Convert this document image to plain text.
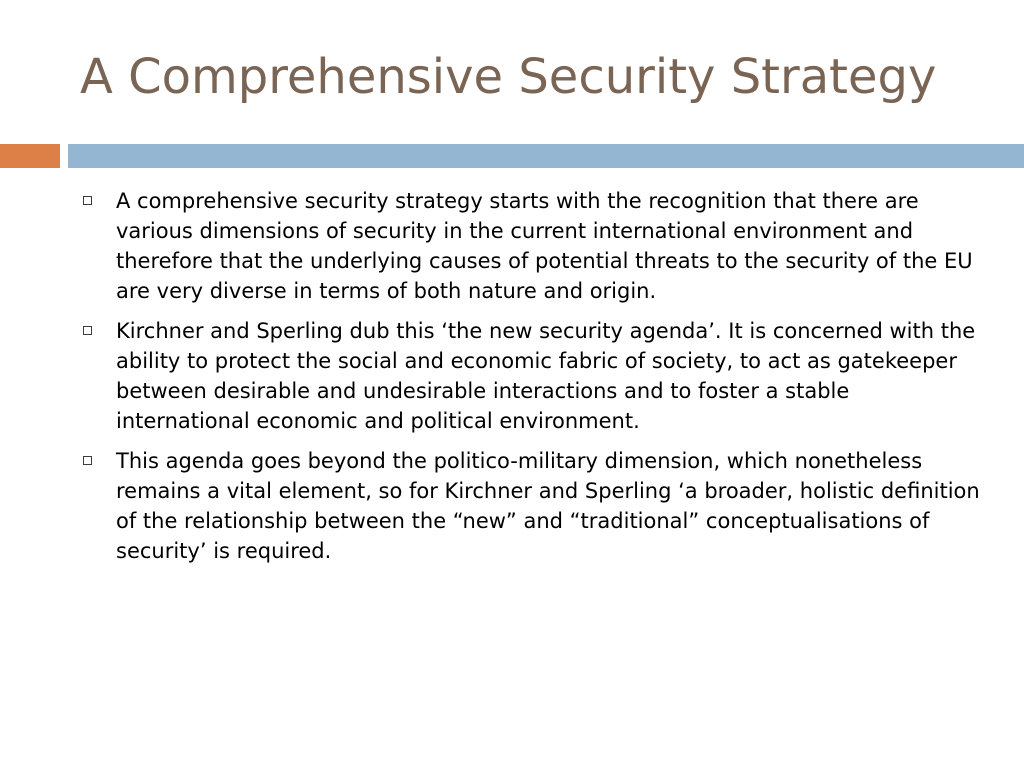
A Comprehensive Security Strategy
A comprehensive security strategy starts with the recognition that there are various dimensions of security in the current international environment and therefore that the underlying causes of potential threats to the security of the EU are very diverse in terms of both nature and origin.
Kirchner and Sperling dub this ‘the new security agenda’. It is concerned with the ability to protect the social and economic fabric of society, to act as gatekeeper between desirable and undesirable interactions and to foster a stable international economic and political environment.
This agenda goes beyond the politico-military dimension, which nonetheless remains a vital element, so for Kirchner and Sperling ‘a broader, holistic definition of the relationship between the “new” and “traditional” conceptualisations of security’ is required.
